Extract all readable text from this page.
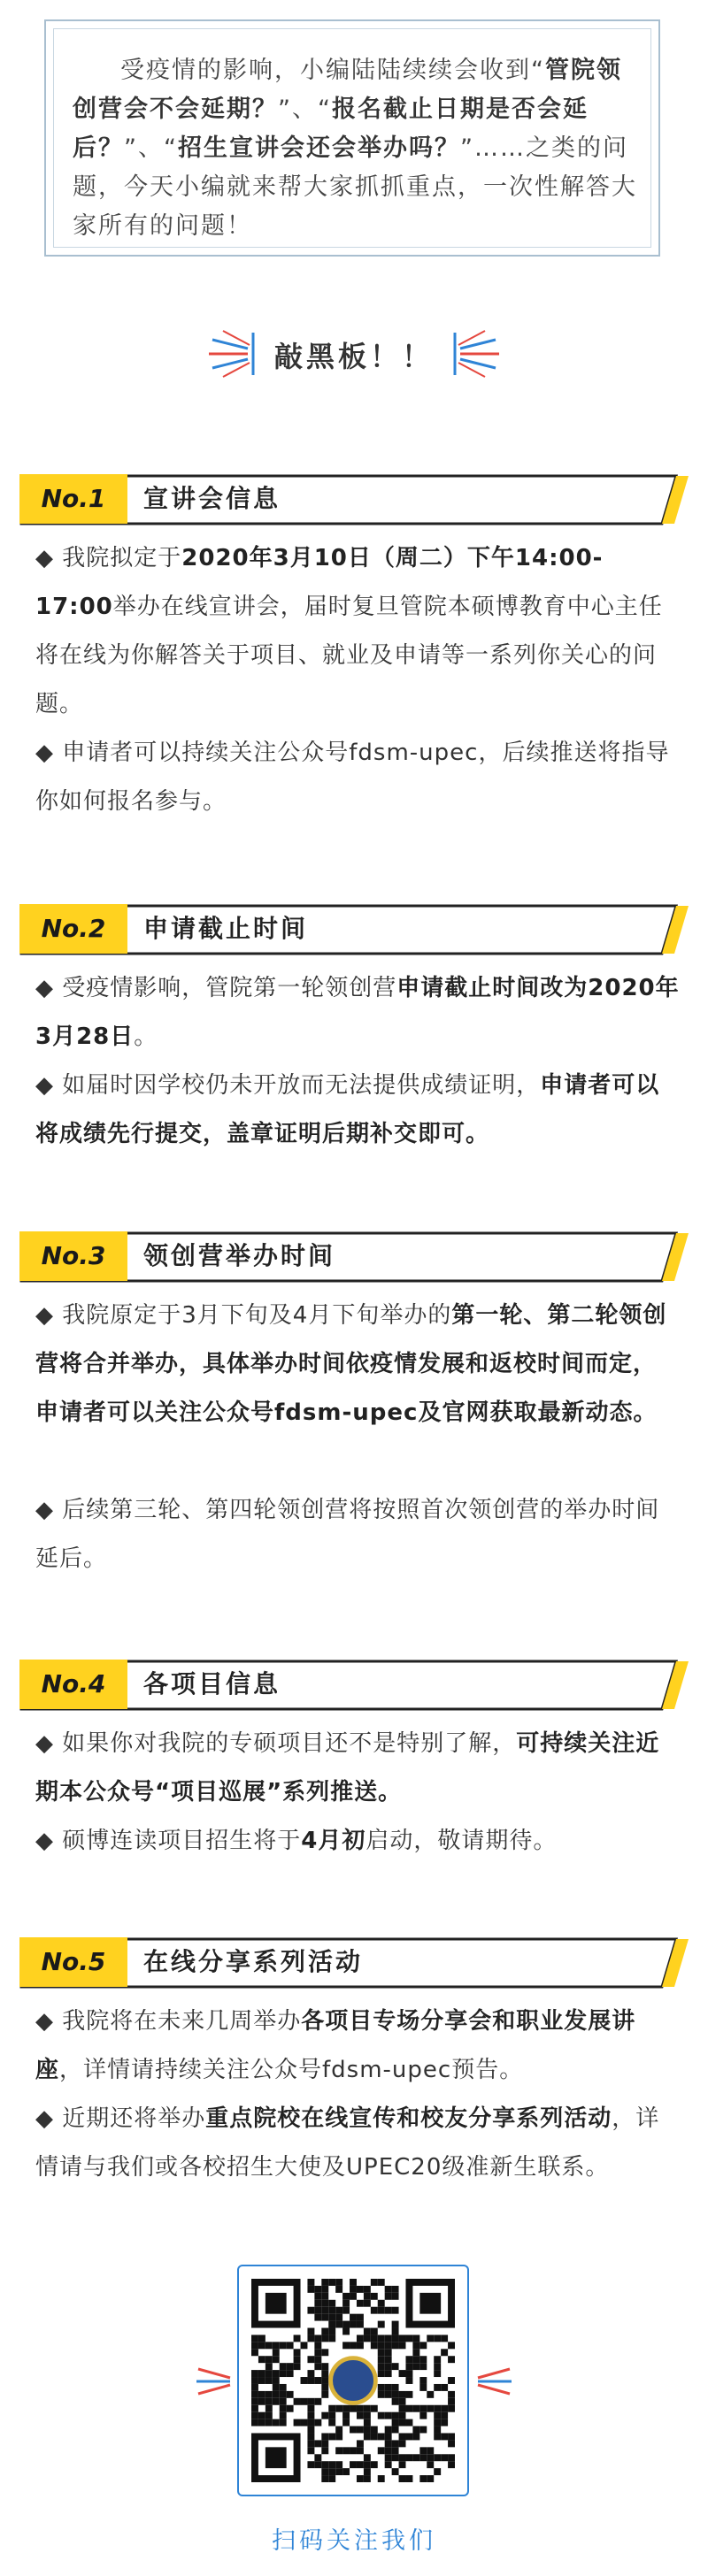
受疫情的影响，小编陆陆续续会收到“管院领创营会不会延期？”、“报名截止日期是否会延后？”、“招生宣讲会还会举办吗？”……之类的问题，今天小编就来帮大家抓抓重点，一次性解答大家所有的问题！
敲黑板！！
No.1	宣讲会信息
◆ 我院拟定于2020年3月10日（周二）下午14:00-17:00举办在线宣讲会，届时复旦管院本硕博教育中心主任将在线为你解答关于项目、就业及申请等一系列你关心的问题。
◆ 申请者可以持续关注公众号fdsm-upec，后续推送将指导你如何报名参与。
No.2	申请截止时间
◆ 受疫情影响，管院第一轮领创营申请截止时间改为2020年3月28日。
◆ 如届时因学校仍未开放而无法提供成绩证明，申请者可以将成绩先行提交，盖章证明后期补交即可。
No.3	领创营举办时间
◆ 我院原定于3月下旬及4月下旬举办的第一轮、第二轮领创营将合并举办，具体举办时间依疫情发展和返校时间而定，申请者可以关注公众号fdsm-upec及官网获取最新动态。
◆ 后续第三轮、第四轮领创营将按照首次领创营的举办时间延后。
No.4	各项目信息
◆ 如果你对我院的专硕项目还不是特别了解，可持续关注近期本公众号“项目巡展”系列推送。
◆ 硕博连读项目招生将于4月初启动，敬请期待。
No.5	在线分享系列活动
◆ 我院将在未来几周举办各项目专场分享会和职业发展讲座，详情请持续关注公众号fdsm-upec预告。
◆ 近期还将举办重点院校在线宣传和校友分享系列活动，详情请与我们或各校招生大使及UPEC20级准新生联系。
扫码关注我们
